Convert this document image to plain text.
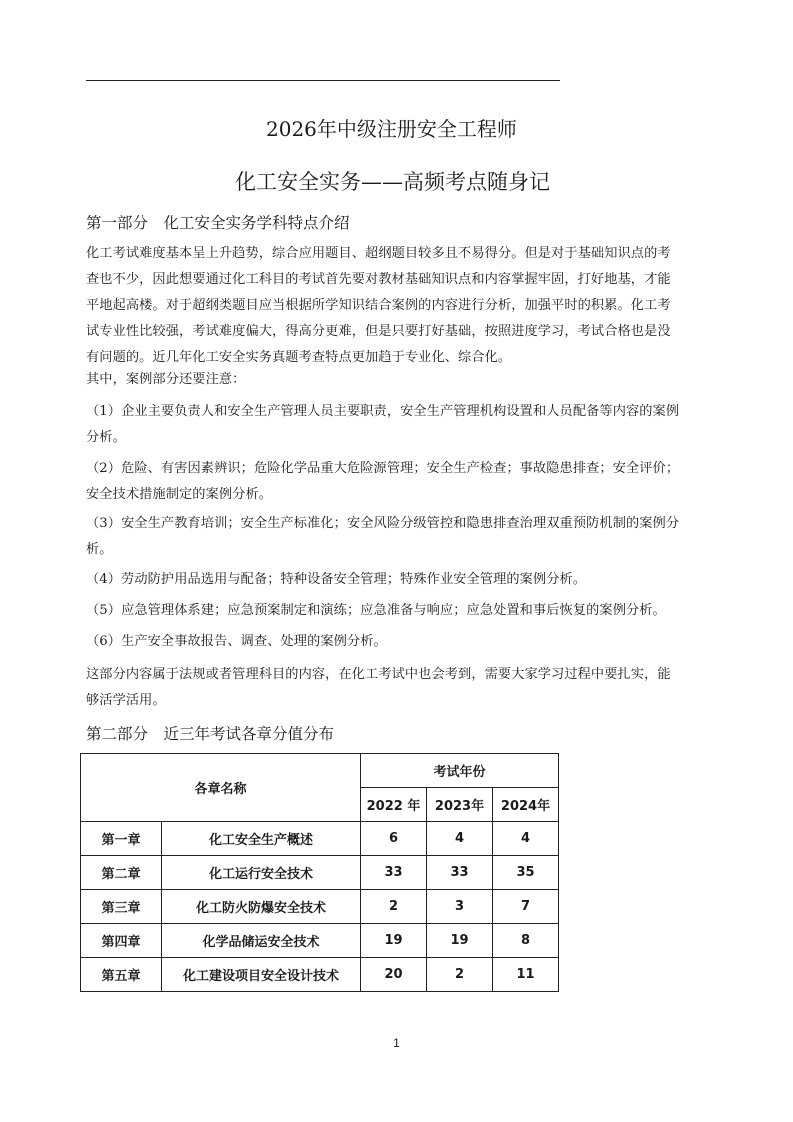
2026年中级注册安全工程师
化工安全实务——高频考点随身记
第一部分　化工安全实务学科特点介绍
化工考试难度基本呈上升趋势，综合应用题目、超纲题目较多且不易得分。但是对于基础知识点的考
查也不少，因此想要通过化工科目的考试首先要对教材基础知识点和内容掌握牢固，打好地基，才能
平地起高楼。对于超纲类题目应当根据所学知识结合案例的内容进行分析，加强平时的积累。化工考
试专业性比较强，考试难度偏大，得高分更难，但是只要打好基础，按照进度学习，考试合格也是没
有问题的。近几年化工安全实务真题考查特点更加趋于专业化、综合化。
其中，案例部分还要注意：
（1）企业主要负责人和安全生产管理人员主要职责，安全生产管理机构设置和人员配备等内容的案例
分析。
（2）危险、有害因素辨识；危险化学品重大危险源管理；安全生产检查；事故隐患排查；安全评价；
安全技术措施制定的案例分析。
（3）安全生产教育培训；安全生产标准化；安全风险分级管控和隐患排查治理双重预防机制的案例分
析。
（4）劳动防护用品选用与配备；特种设备安全管理；特殊作业安全管理的案例分析。
（5）应急管理体系建；应急预案制定和演练；应急准备与响应；应急处置和事后恢复的案例分析。
（6）生产安全事故报告、调查、处理的案例分析。
这部分内容属于法规或者管理科目的内容，在化工考试中也会考到，需要大家学习过程中要扎实，能
够活学活用。
第二部分　近三年考试各章分值分布
各章名称		考试年份		
		2022 年	2023年	2024年
第一章	化工安全生产概述	6	4	4
第二章	化工运行安全技术	33	33	35
第三章	化工防火防爆安全技术	2	3	7
第四章	化学品储运安全技术	19	19	8
第五章	化工建设项目安全设计技术	20	2	11
1
